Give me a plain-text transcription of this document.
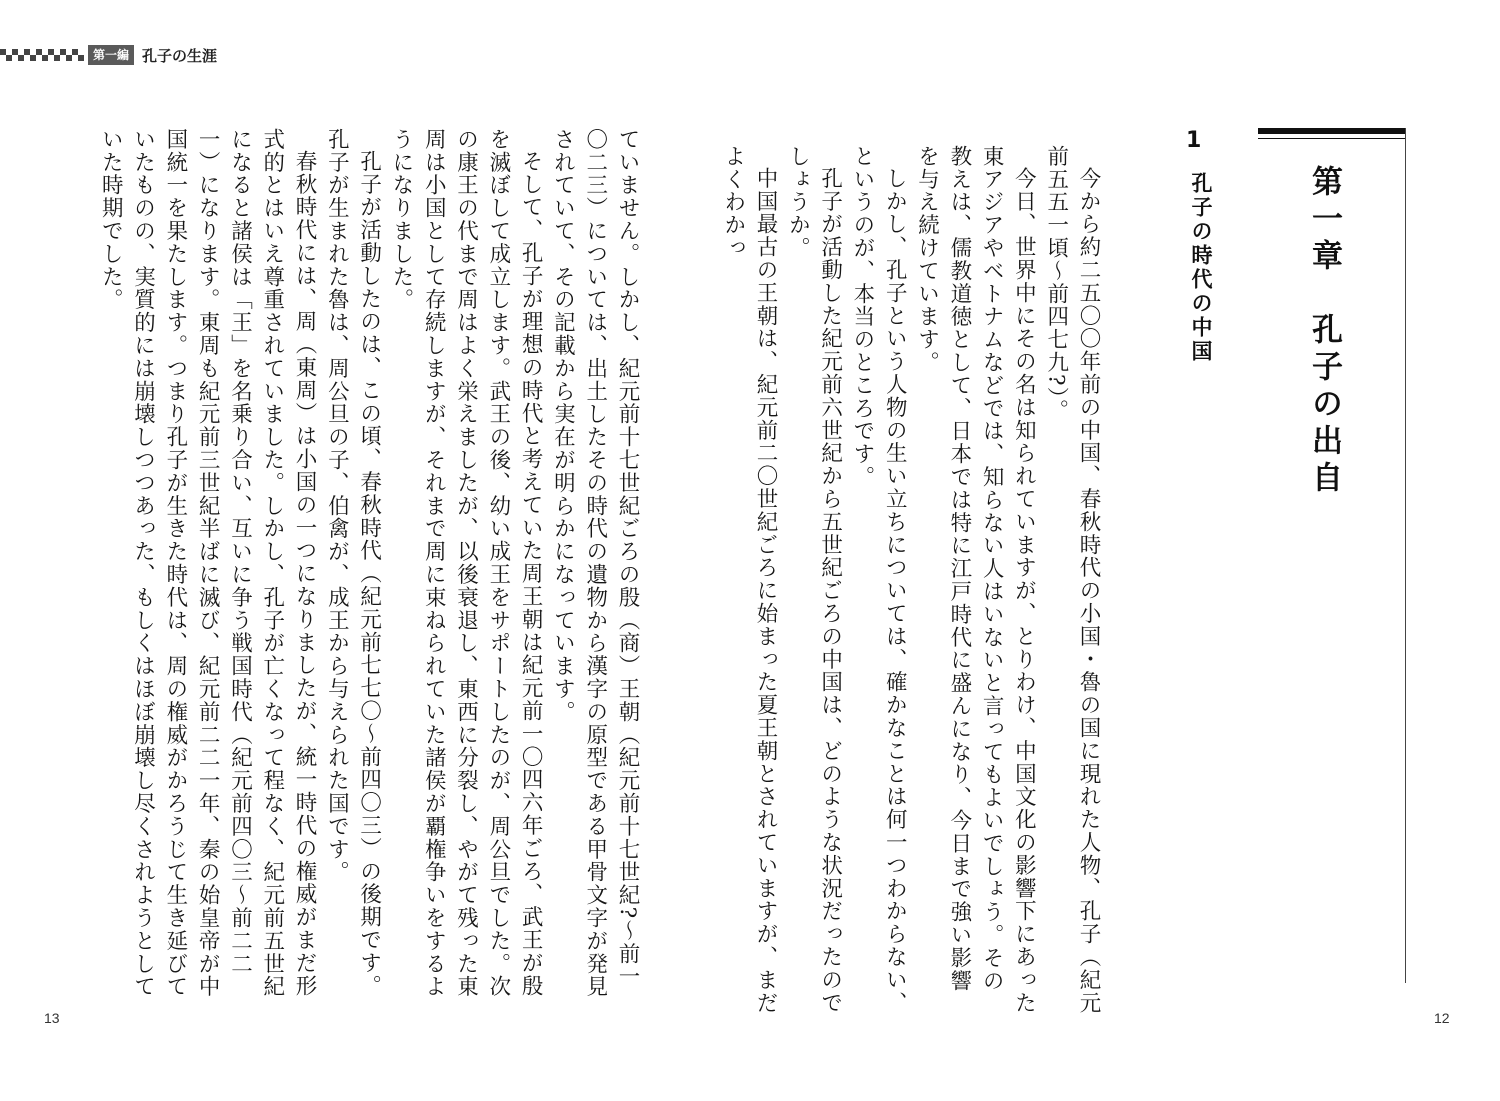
第一編 孔子の生涯

ていません。しかし、紀元前十七世紀ごろの殷（商）王朝（紀元前十七世紀?〜前一〇二三）については、出土したその時代の遺物から漢字の原型である甲骨文字が発見されていて、その記載から実在が明らかになっています。

そして、孔子が理想の時代と考えていた周王朝は紀元前一〇四六年ごろ、武王が殷を滅ぼして成立します。武王の後、幼い成王をサポートしたのが、周公旦でした。次の康王の代まで周はよく栄えましたが、以後衰退し、東西に分裂し、やがて残った東周は小国として存続しますが、それまで周に束ねられていた諸侯が覇権争いをするようになりました。

孔子が活動したのは、この頃、春秋時代（紀元前七七〇〜前四〇三）の後期です。孔子が生まれた魯は、周公旦の子、伯禽が、成王から与えられた国です。

春秋時代には、周（東周）は小国の一つになりましたが、統一時代の権威がまだ形式的とはいえ尊重されていました。しかし、孔子が亡くなって程なく、紀元前五世紀になると諸侯は「王」を名乗り合い、互いに争う戦国時代（紀元前四〇三〜前二二一）になります。東周も紀元前三世紀半ばに滅び、紀元前二二一年、秦の始皇帝が中国統一を果たします。つまり孔子が生きた時代は、周の権威がかろうじて生き延びていたものの、実質的には崩壊しつつあった、もしくはほぼ崩壊し尽くされようとしていた時期でした。

13
第一章　孔子の出自
1
孔子の時代の中国

今から約二五〇〇年前の中国、春秋時代の小国・魯の国に現れた人物、孔子（紀元前五五一頃〜前四七九?）。

今日、世界中にその名は知られていますが、とりわけ、中国文化の影響下にあった東アジアやベトナムなどでは、知らない人はいないと言ってもよいでしょう。その教えは、儒教道徳として、日本では特に江戸時代に盛んになり、今日まで強い影響を与え続けています。

しかし、孔子という人物の生い立ちについては、確かなことは何一つわからない、というのが、本当のところです。

孔子が活動した紀元前六世紀から五世紀ごろの中国は、どのような状況だったのでしょうか。

中国最古の王朝は、紀元前二〇世紀ごろに始まった夏王朝とされていますが、まだよくわかっ

12
